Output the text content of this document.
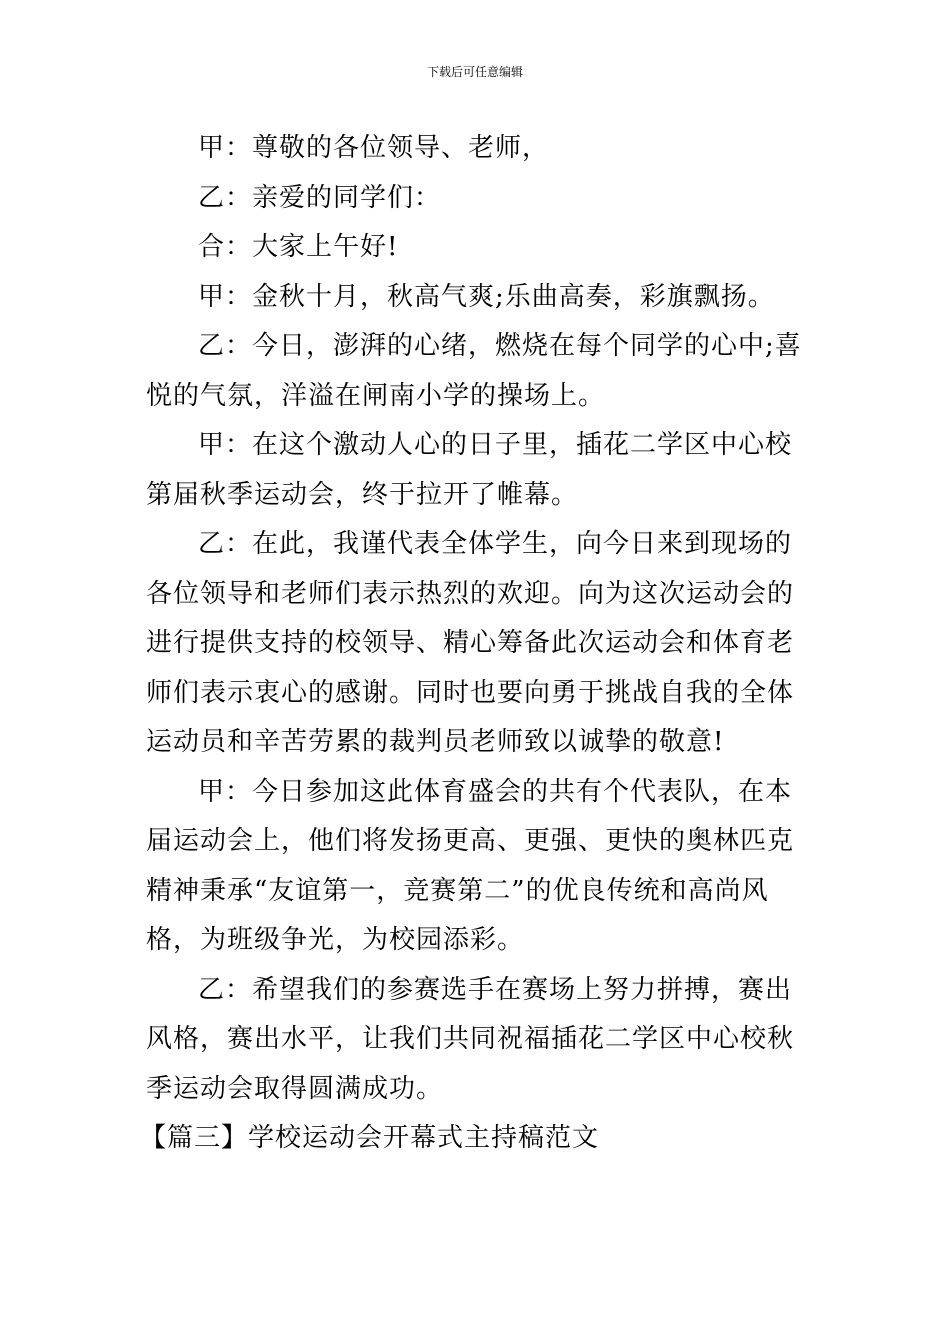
下载后可任意编辑

甲：尊敬的各位领导、老师，

乙：亲爱的同学们：

合：大家上午好!

甲：金秋十月，秋高气爽;乐曲高奏，彩旗飘扬。

乙：今日，澎湃的心绪，燃烧在每个同学的心中;喜悦的气氛，洋溢在闸南小学的操场上。

甲：在这个激动人心的日子里，插花二学区中心校第届秋季运动会，终于拉开了帷幕。

乙：在此，我谨代表全体学生，向今日来到现场的各位领导和老师们表示热烈的欢迎。向为这次运动会的进行提供支持的校领导、精心筹备此次运动会和体育老师们表示衷心的感谢。同时也要向勇于挑战自我的全体运动员和辛苦劳累的裁判员老师致以诚挚的敬意!

甲：今日参加这此体育盛会的共有个代表队，在本届运动会上，他们将发扬更高、更强、更快的奥林匹克精神秉承“友谊第一，竞赛第二”的优良传统和高尚风格，为班级争光，为校园添彩。

乙：希望我们的参赛选手在赛场上努力拼搏，赛出风格，赛出水平，让我们共同祝福插花二学区中心校秋季运动会取得圆满成功。

【篇三】学校运动会开幕式主持稿范文
